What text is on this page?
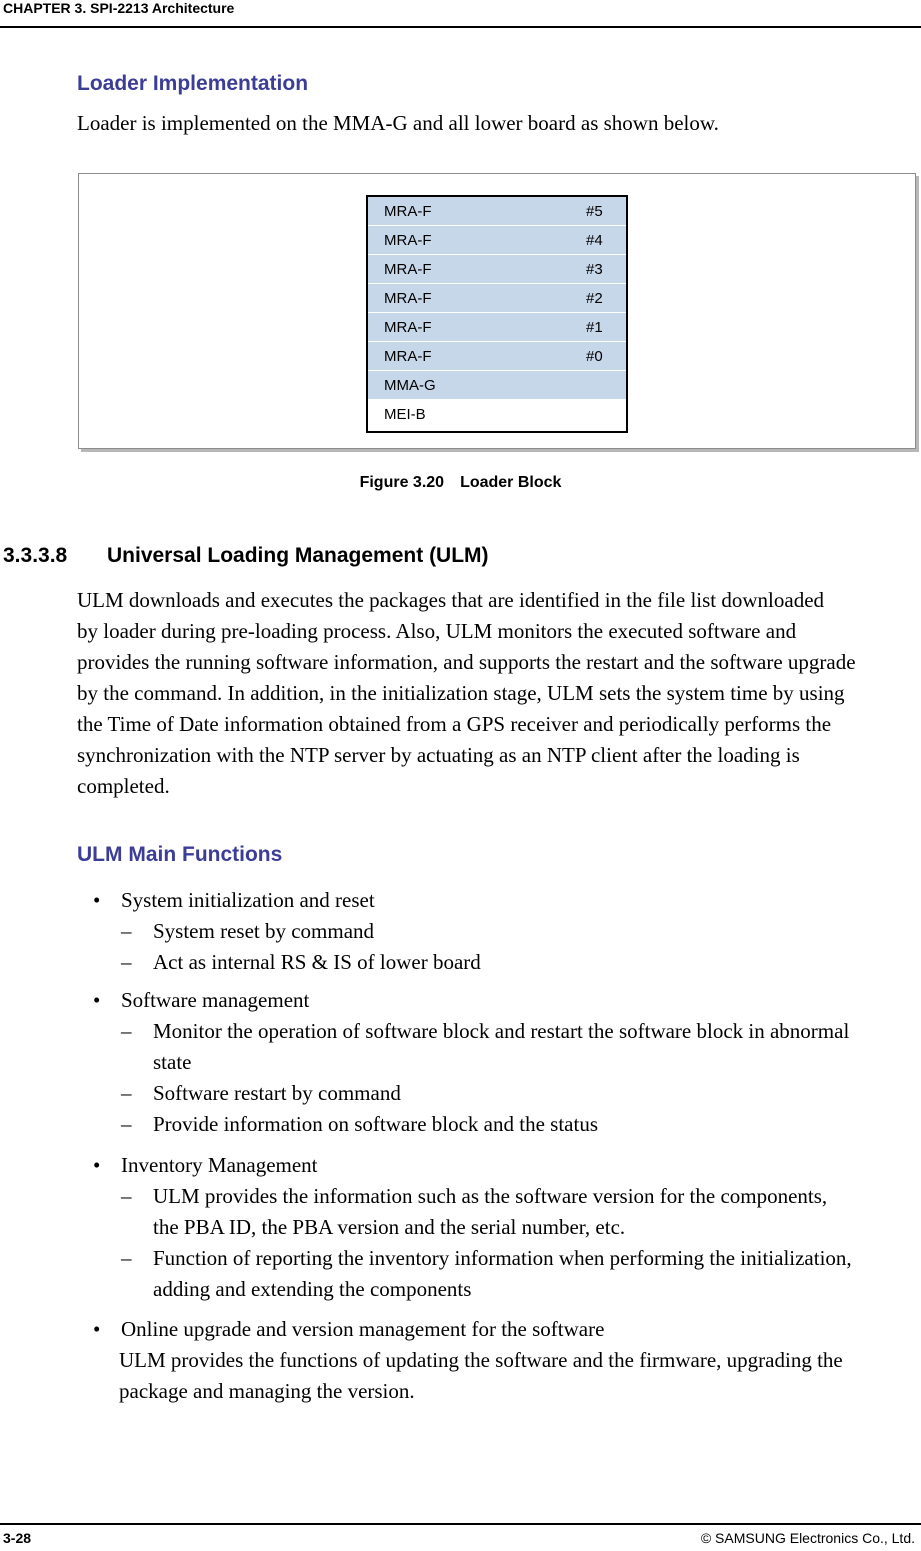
CHAPTER 3. SPI-2213 Architecture
Loader Implementation
Loader is implemented on the MMA-G and all lower board as shown below.
MRA-F	#5
MRA-F	#4
MRA-F	#3
MRA-F	#2
MRA-F	#1
MRA-F	#0
MMA-G
MEI-B
Figure 3.20 Loader Block
3.3.3.8 Universal Loading Management (ULM)
ULM downloads and executes the packages that are identified in the file list downloaded
by loader during pre-loading process. Also, ULM monitors the executed software and
provides the running software information, and supports the restart and the software upgrade
by the command. In addition, in the initialization stage, ULM sets the system time by using
the Time of Date information obtained from a GPS receiver and periodically performs the
synchronization with the NTP server by actuating as an NTP client after the loading is
completed.
ULM Main Functions
• System initialization and reset
– System reset by command
– Act as internal RS & IS of lower board
• Software management
– Monitor the operation of software block and restart the software block in abnormal
state
– Software restart by command
– Provide information on software block and the status
• Inventory Management
– ULM provides the information such as the software version for the components,
the PBA ID, the PBA version and the serial number, etc.
– Function of reporting the inventory information when performing the initialization,
adding and extending the components
• Online upgrade and version management for the software
ULM provides the functions of updating the software and the firmware, upgrading the
package and managing the version.
3-28	© SAMSUNG Electronics Co., Ltd.
